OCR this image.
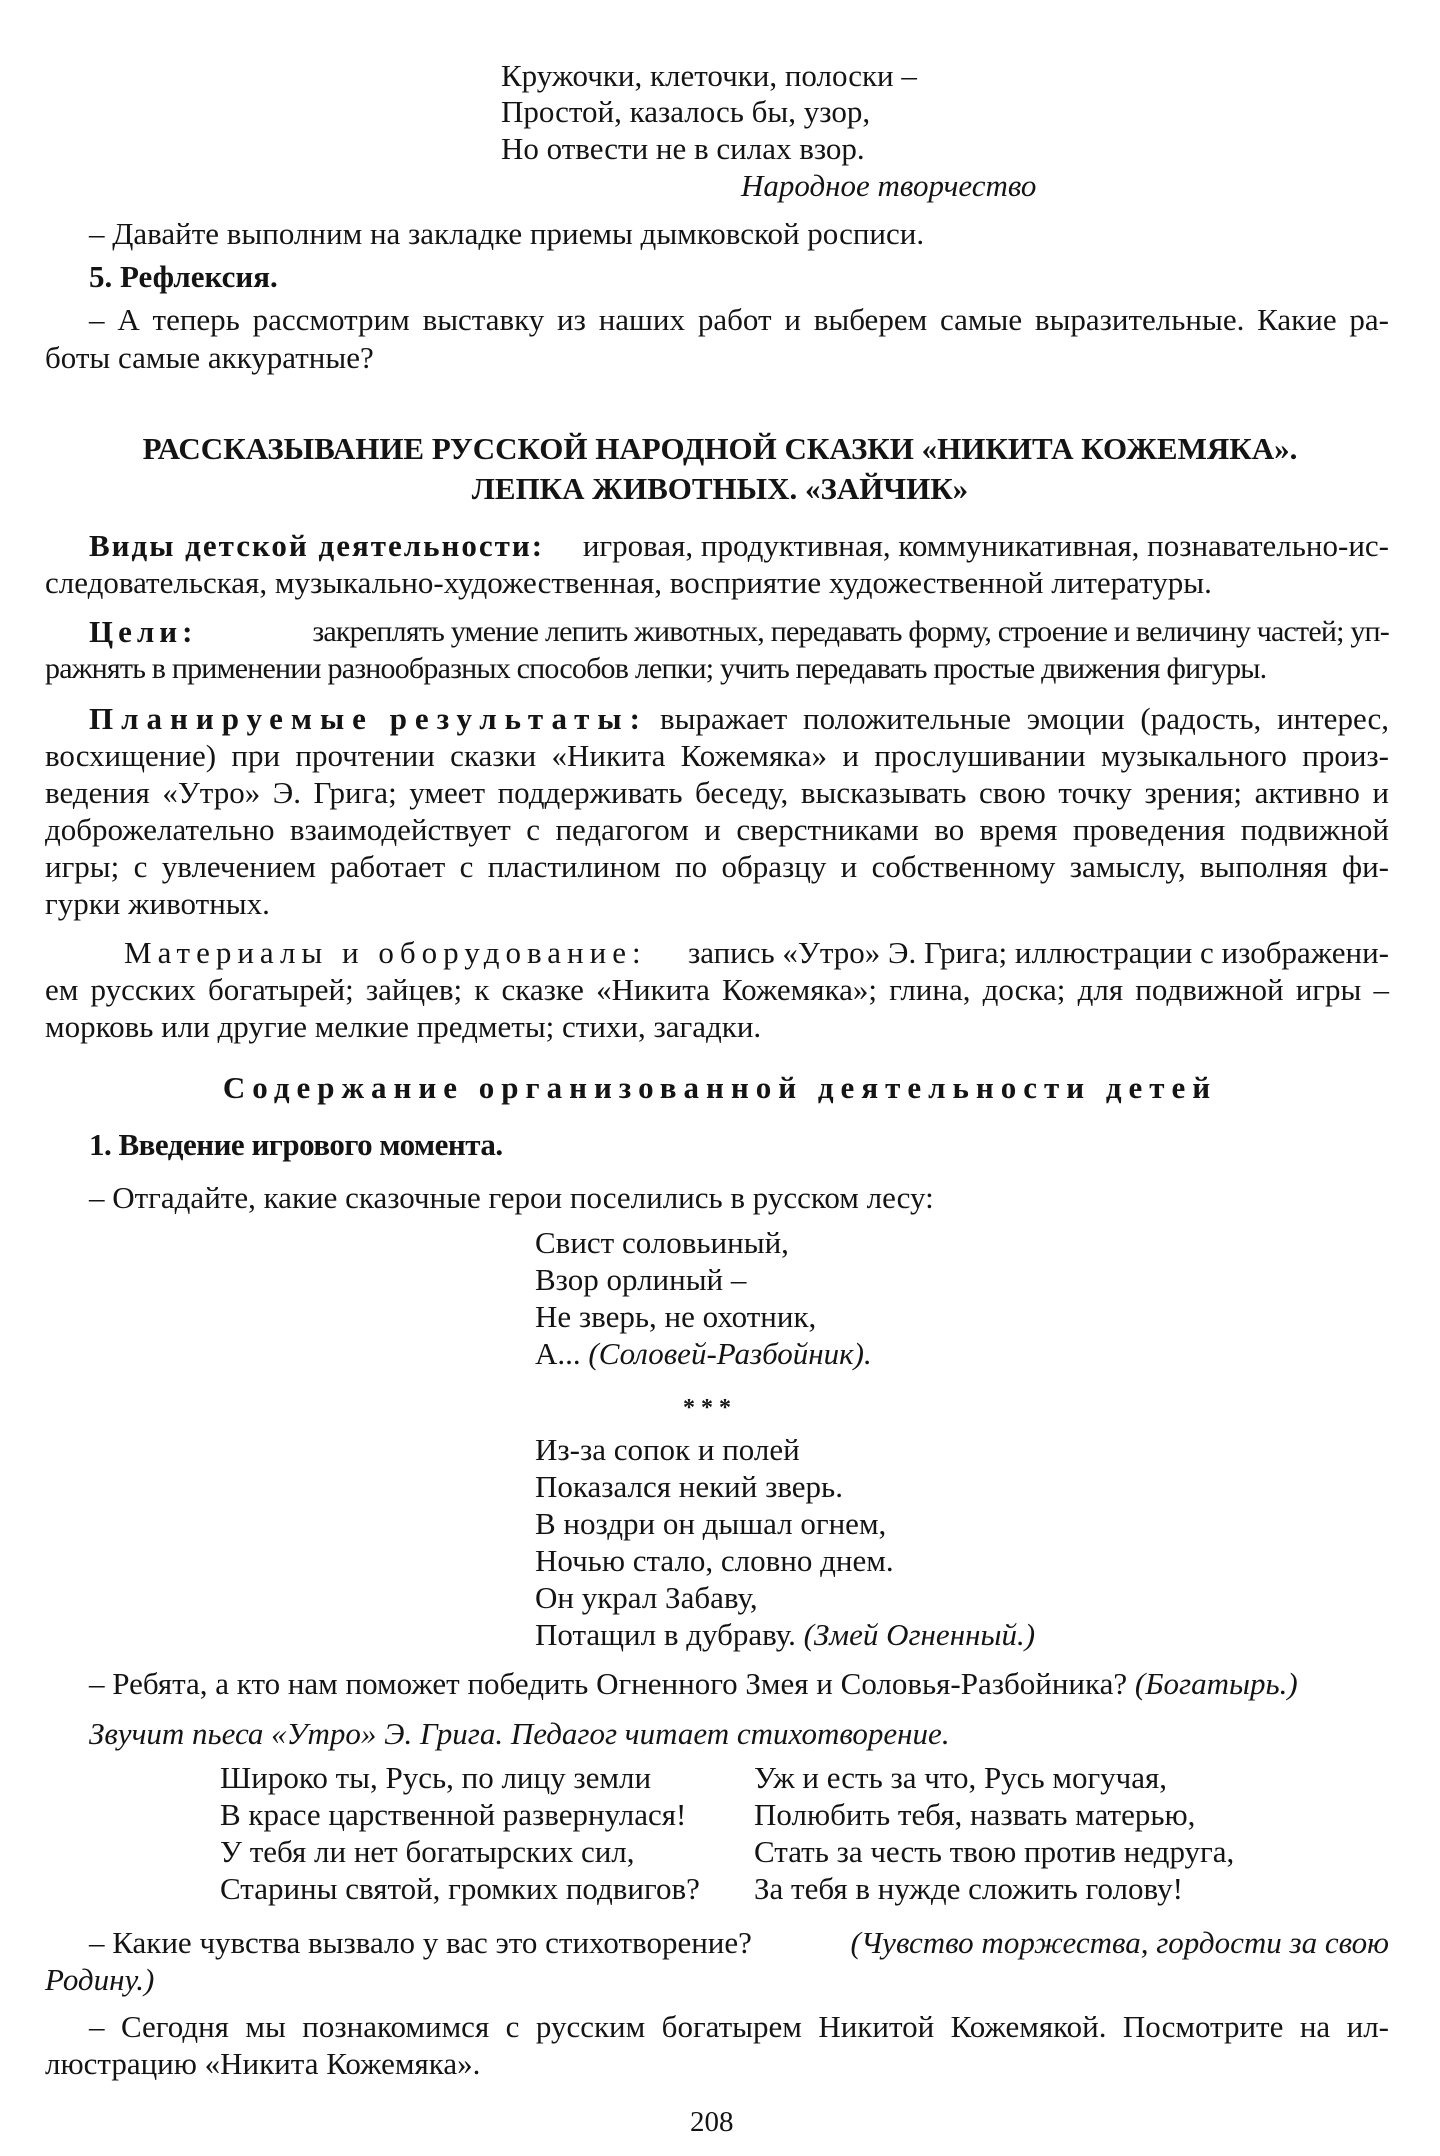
Кружочки, клеточки, полоски –
Простой, казалось бы, узор,
Но отвести не в силах взор.
Народное творчество
– Давайте выполним на закладке приемы дымковской росписи.
5. Рефлексия.
– А теперь рассмотрим выставку из наших работ и выберем самые выразительные. Какие ра-
боты самые аккуратные?
РАССКАЗЫВАНИЕ РУССКОЙ НАРОДНОЙ СКАЗКИ «НИКИТА КОЖЕМЯКА».
ЛЕПКА ЖИВОТНЫХ. «ЗАЙЧИК»
Виды детской деятельности: игровая, продуктивная, коммуникативная, познавательно-ис-
следовательская, музыкально-художественная, восприятие художественной литературы.
Цели:	закреплять умение лепить животных, передавать форму, строение и величину частей; уп-
ражнять в применении разнообразных способов лепки; учить передавать простые движения фигуры.
Планируемые результаты: выражает положительные эмоции (радость, интерес,
восхищение) при прочтении сказки «Никита Кожемяка» и прослушивании музыкального произ-
ведения «Утро» Э. Грига; умеет поддерживать беседу, высказывать свою точку зрения; активно и
доброжелательно взаимодействует с педагогом и сверстниками во время проведения подвижной
игры; с увлечением работает с пластилином по образцу и собственному замыслу, выполняя фи-
гурки животных.
Материалы и оборудование: запись «Утро» Э. Грига; иллюстрации с изображени-
ем русских богатырей; зайцев; к сказке «Никита Кожемяка»; глина, доска; для подвижной игры –
морковь или другие мелкие предметы; стихи, загадки.
Содержание организованной деятельности детей
1. Введение игрового момента.
– Отгадайте, какие сказочные герои поселились в русском лесу:
Свист соловьиный,
Взор орлиный –
Не зверь, не охотник,
А... (Соловей-Разбойник).
* * *
Из-за сопок и полей
Показался некий зверь.
В ноздри он дышал огнем,
Ночью стало, словно днем.
Он украл Забаву,
Потащил в дубраву. (Змей Огненный.)
– Ребята, а кто нам поможет победить Огненного Змея и Соловья-Разбойника? (Богатырь.)
Звучит пьеса «Утро» Э. Грига. Педагог читает стихотворение.
Широко ты, Русь, по лицу земли
В красе царственной развернулася!
У тебя ли нет богатырских сил,
Старины святой, громких подвигов?
Уж и есть за что, Русь могучая,
Полюбить тебя, назвать матерью,
Стать за честь твою против недруга,
За тебя в нужде сложить голову!
– Какие чувства вызвало у вас это стихотворение?	(Чувство торжества, гордости за свою
Родину.)
– Сегодня мы познакомимся с русским богатырем Никитой Кожемякой. Посмотрите на ил-
люстрацию «Никита Кожемяка».
208
